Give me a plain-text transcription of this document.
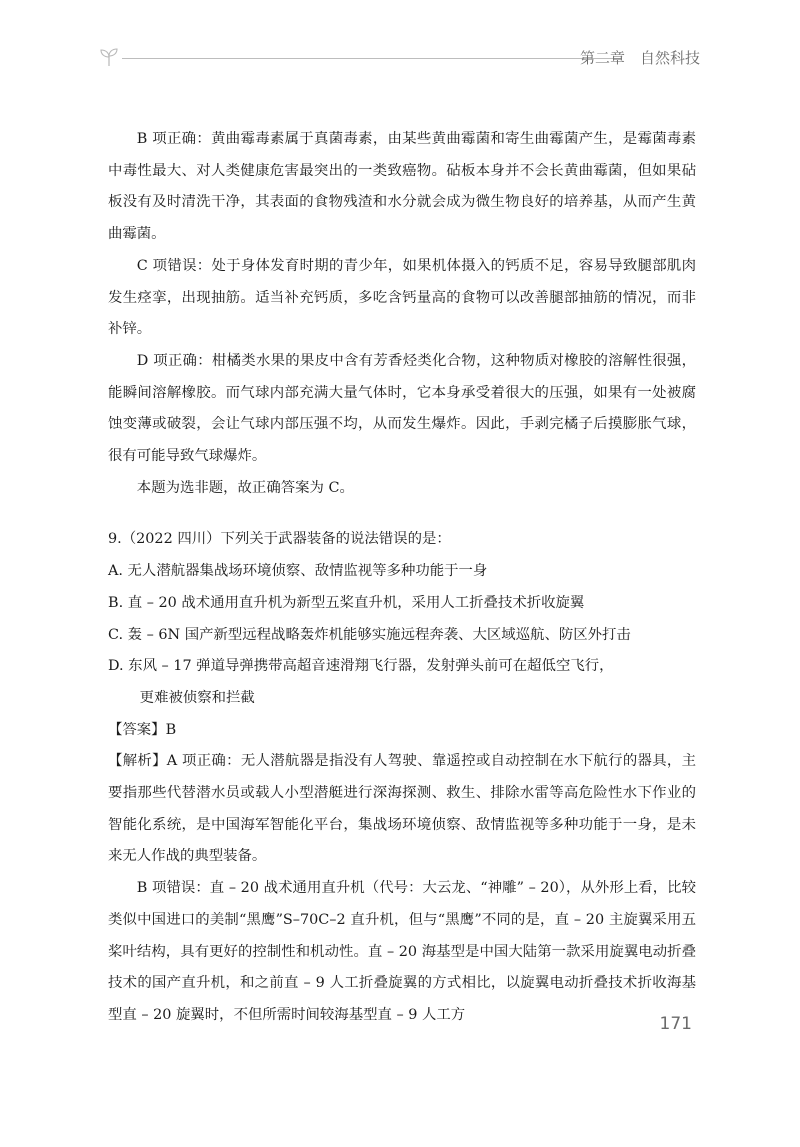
第二章　自然科技

B 项正确：黄曲霉毒素属于真菌毒素，由某些黄曲霉菌和寄生曲霉菌产生，是霉菌毒素中毒性最大、对人类健康危害最突出的一类致癌物。砧板本身并不会长黄曲霉菌，但如果砧板没有及时清洗干净，其表面的食物残渣和水分就会成为微生物良好的培养基，从而产生黄曲霉菌。

C 项错误：处于身体发育时期的青少年，如果机体摄入的钙质不足，容易导致腿部肌肉发生痉挛，出现抽筋。适当补充钙质，多吃含钙量高的食物可以改善腿部抽筋的情况，而非补锌。

D 项正确：柑橘类水果的果皮中含有芳香烃类化合物，这种物质对橡胶的溶解性很强，能瞬间溶解橡胶。而气球内部充满大量气体时，它本身承受着很大的压强，如果有一处被腐蚀变薄或破裂，会让气球内部压强不均，从而发生爆炸。因此，手剥完橘子后摸膨胀气球，很有可能导致气球爆炸。

本题为选非题，故正确答案为 C。

9.（2022 四川）下列关于武器装备的说法错误的是：

A. 无人潜航器集战场环境侦察、敌情监视等多种功能于一身

B. 直 – 20 战术通用直升机为新型五桨直升机，采用人工折叠技术折收旋翼

C. 轰 – 6N 国产新型远程战略轰炸机能够实施远程奔袭、大区域巡航、防区外打击

D. 东风 – 17 弹道导弹携带高超音速滑翔飞行器，发射弹头前可在超低空飞行，

更难被侦察和拦截

【答案】B

【解析】A 项正确：无人潜航器是指没有人驾驶、靠遥控或自动控制在水下航行的器具，主要指那些代替潜水员或载人小型潜艇进行深海探测、救生、排除水雷等高危险性水下作业的智能化系统，是中国海军智能化平台，集战场环境侦察、敌情监视等多种功能于一身，是未来无人作战的典型装备。

B 项错误：直 – 20 战术通用直升机（代号：大云龙、“神雕” – 20），从外形上看，比较类似中国进口的美制“黑鹰”S–70C–2 直升机，但与“黑鹰”不同的是，直 – 20 主旋翼采用五桨叶结构，具有更好的控制性和机动性。直 – 20 海基型是中国大陆第一款采用旋翼电动折叠技术的国产直升机，和之前直 – 9 人工折叠旋翼的方式相比，以旋翼电动折叠技术折收海基型直 – 20 旋翼时，不但所需时间较海基型直 – 9 人工方	171
